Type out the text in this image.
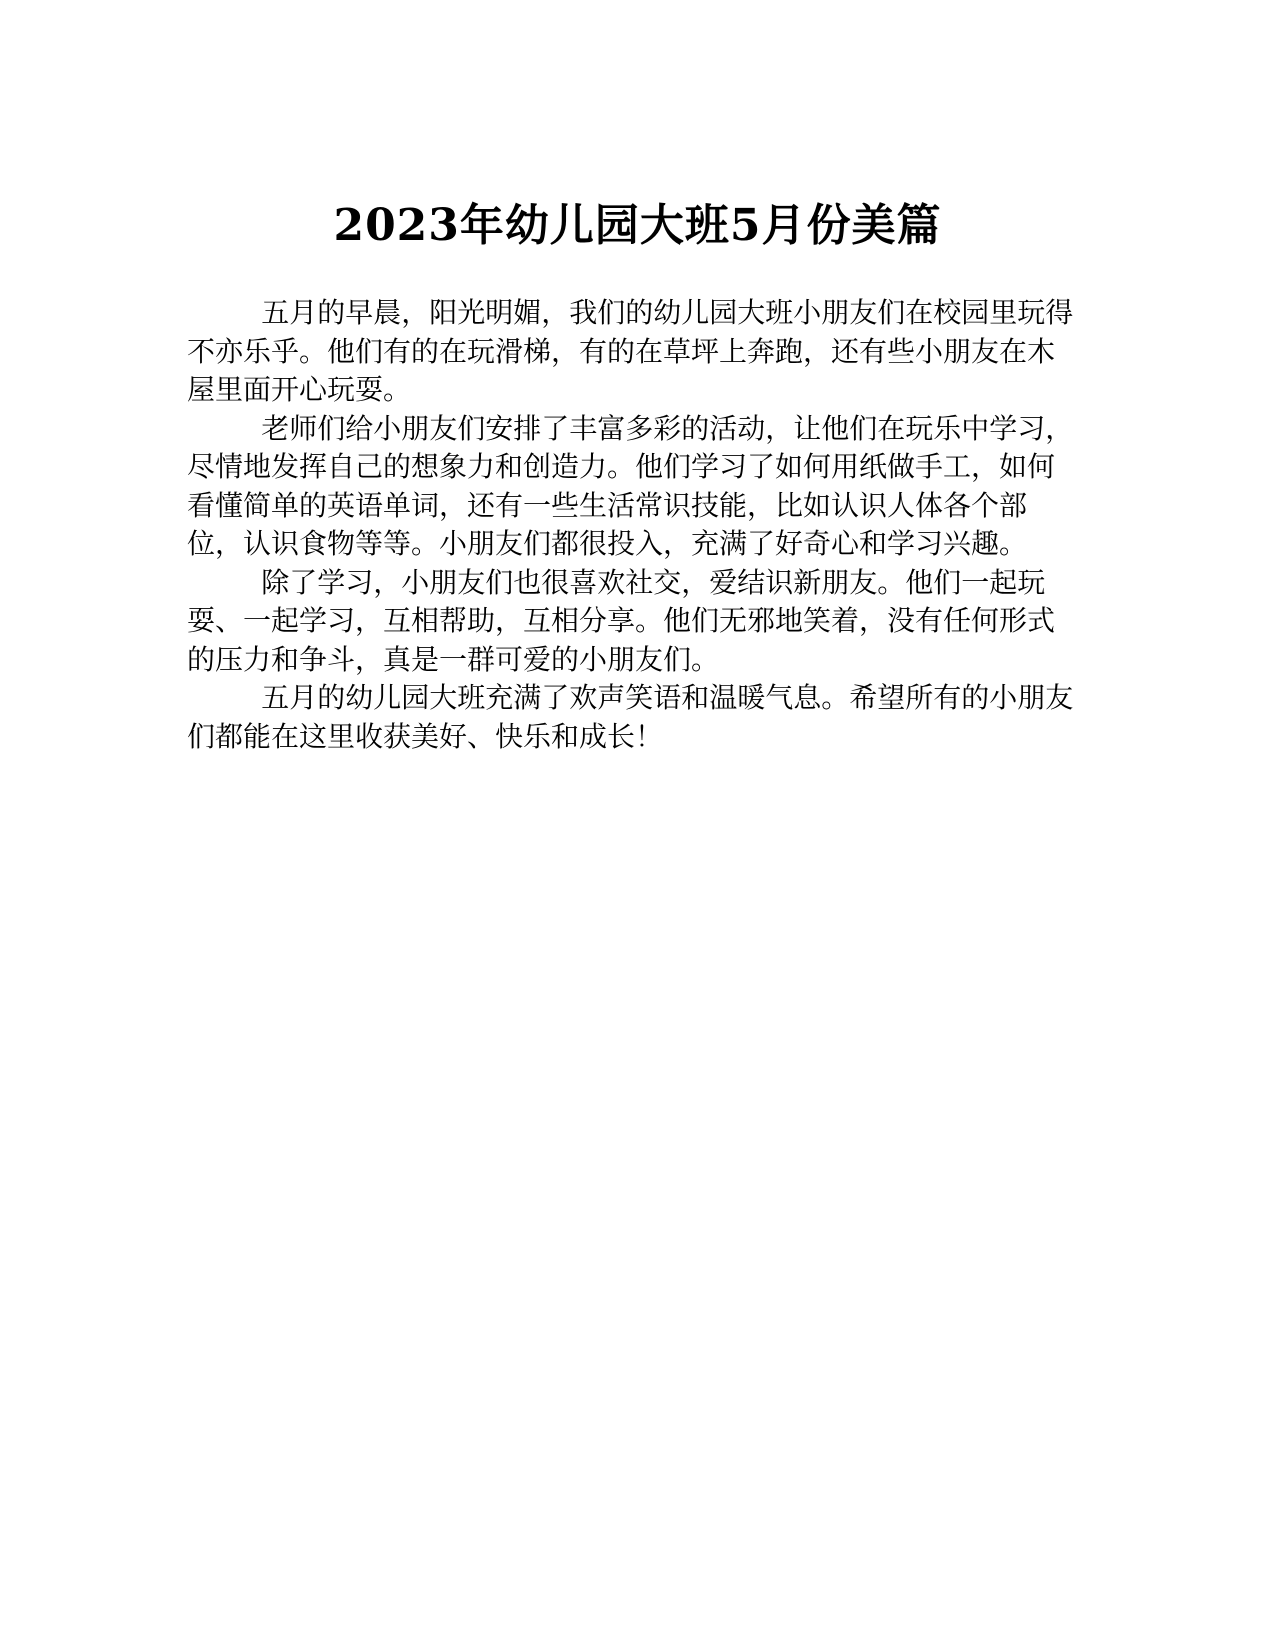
2023年幼儿园大班5月份美篇

五月的早晨，阳光明媚，我们的幼儿园大班小朋友们在校园里玩得不亦乐乎。他们有的在玩滑梯，有的在草坪上奔跑，还有些小朋友在木屋里面开心玩耍。

老师们给小朋友们安排了丰富多彩的活动，让他们在玩乐中学习，尽情地发挥自己的想象力和创造力。他们学习了如何用纸做手工，如何看懂简单的英语单词，还有一些生活常识技能，比如认识人体各个部位，认识食物等等。小朋友们都很投入，充满了好奇心和学习兴趣。

除了学习，小朋友们也很喜欢社交，爱结识新朋友。他们一起玩耍、一起学习，互相帮助，互相分享。他们无邪地笑着，没有任何形式的压力和争斗，真是一群可爱的小朋友们。

五月的幼儿园大班充满了欢声笑语和温暖气息。希望所有的小朋友们都能在这里收获美好、快乐和成长！
